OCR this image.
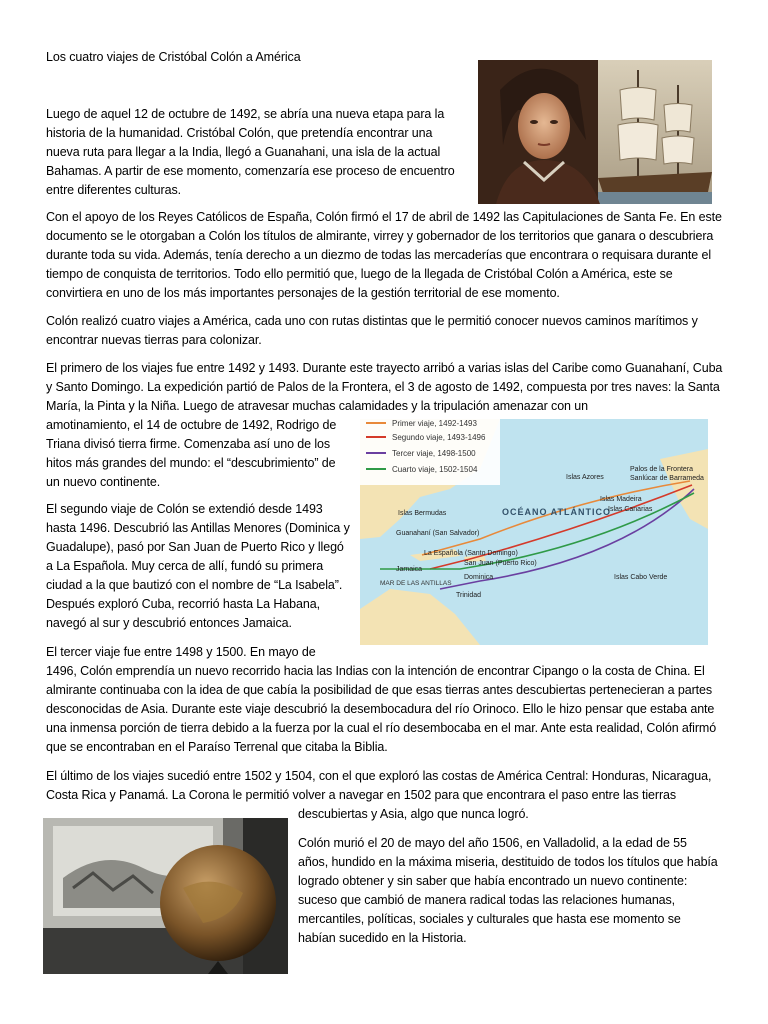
Los cuatro viajes de Cristóbal Colón a América

Luego de aquel 12 de octubre de 1492, se abría una nueva etapa para la historia de la humanidad. Cristóbal Colón, que pretendía encontrar una nueva ruta para llegar a la India, llegó a Guanahani, una isla de la actual Bahamas. A partir de ese momento, comenzaría ese proceso de encuentro entre diferentes culturas.

Con el apoyo de los Reyes Católicos de España, Colón firmó el 17 de abril de 1492 las Capitulaciones de Santa Fe. En este documento se le otorgaban a Colón los títulos de almirante, virrey y gobernador de los territorios que ganara o descubriera durante toda su vida. Además, tenía derecho a un diezmo de todas las mercaderías que encontrara o requisara durante el tiempo de conquista de territorios. Todo ello permitió que, luego de la llegada de Cristóbal Colón a América, este se convirtiera en uno de los más importantes personajes de la gestión territorial de ese momento.

Colón realizó cuatro viajes a América, cada uno con rutas distintas que le permitió conocer nuevos caminos marítimos y encontrar nuevas tierras para colonizar.

El primero de los viajes fue entre 1492 y 1493. Durante este trayecto arribó a varias islas del Caribe como Guanahaní, Cuba y Santo Domingo. La expedición partió de Palos de la Frontera, el 3 de agosto de 1492, compuesta por tres naves: la Santa María, la Pinta y la Niña. Luego de atravesar muchas calamidades y la tripulación amenazar con un

amotinamiento, el 14 de octubre de 1492, Rodrigo de Triana divisó tierra firme. Comenzaba así uno de los hitos más grandes del mundo: el “descubrimiento” de un nuevo continente.

El segundo viaje de Colón se extendió desde 1493 hasta 1496. Descubrió las Antillas Menores (Dominica y Guadalupe), pasó por San Juan de Puerto Rico y llegó a La Española. Muy cerca de allí, fundó su primera ciudad a la que bautizó con el nombre de “La Isabela”. Después exploró Cuba, recorrió hasta La Habana, navegó al sur y descubrió entonces Jamaica.

El tercer viaje fue entre 1498 y 1500. En mayo de

1496, Colón emprendía un nuevo recorrido hacia las Indias con la intención de encontrar Cipango o la costa de China. El almirante continuaba con la idea de que cabía la posibilidad de que esas tierras antes descubiertas pertenecieran a partes desconocidas de Asia. Durante este viaje descubrió la desembocadura del río Orinoco. Ello le hizo pensar que estaba ante una inmensa porción de tierra debido a la fuerza por la cual el río desembocaba en el mar. Ante esta realidad, Colón afirmó que se encontraban en el Paraíso Terrenal que citaba la Biblia.

El último de los viajes sucedió entre 1502 y 1504, con el que exploró las costas de América Central: Honduras, Nicaragua, Costa Rica y Panamá. La Corona le permitió volver a navegar en 1502 para que encontrara el paso entre las tierras

descubiertas y Asia, algo que nunca logró.

Colón murió el 20 de mayo del año 1506, en Valladolid, a la edad de 55 años, hundido en la máxima miseria, destituido de todos los títulos que había logrado obtener y sin saber que había encontrado un nuevo continente: suceso que cambió de manera radical todas las relaciones humanas, mercantiles, políticas, sociales y culturales que hasta ese momento se habían sucedido en la Historia.

Primer viaje, 1492-1493
Segundo viaje, 1493-1496
Tercer viaje, 1498-1500
Cuarto viaje, 1502-1504
OCÉANO ATLÁNTICO
Palos de la Frontera
Sanlúcar de Barrameda
Islas Azores
Islas Madeira
Islas Canarias
Islas Bermudas
Guanahaní (San Salvador)
La Española (Santo Domingo)
San Juan (Puerto Rico)
Dominica
Jamaica
MAR DE LAS ANTILLAS
Trinidad
Islas Cabo Verde
